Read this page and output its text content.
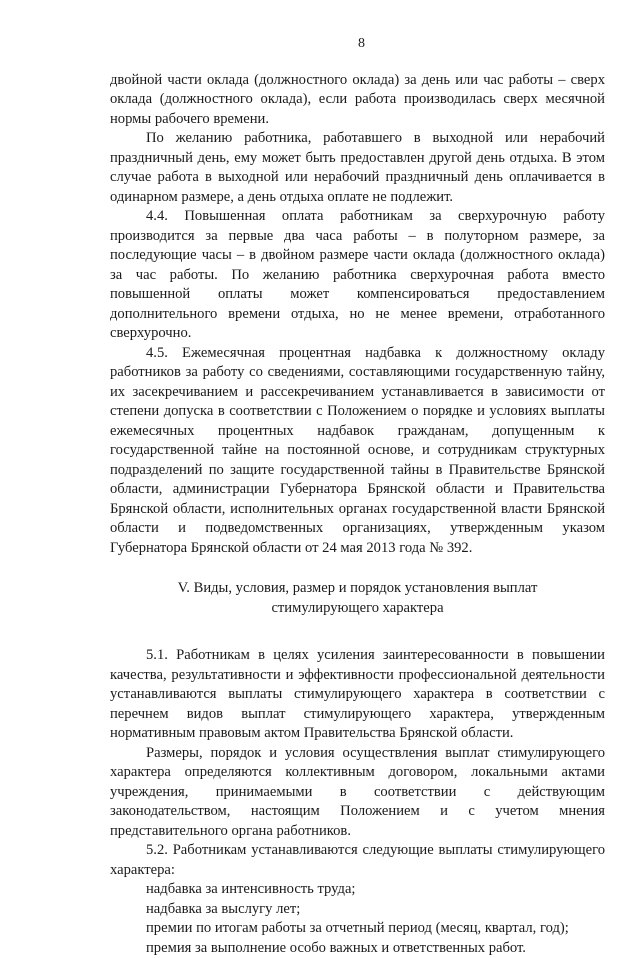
8

двойной части оклада (должностного оклада) за день или час работы – сверх оклада (должностного оклада), если работа производилась сверх месячной нормы рабочего времени.

По желанию работника, работавшего в выходной или нерабочий праздничный день, ему может быть предоставлен другой день отдыха. В этом случае работа в выходной или нерабочий праздничный день оплачивается в одинарном размере, а день отдыха оплате не подлежит.

4.4. Повышенная оплата работникам за сверхурочную работу производится за первые два часа работы – в полуторном размере, за последующие часы – в двойном размере части оклада (должностного оклада) за час работы. По желанию работника сверхурочная работа вместо повышенной оплаты может компенсироваться предоставлением дополнительного времени отдыха, но не менее времени, отработанного сверхурочно.

4.5. Ежемесячная процентная надбавка к должностному окладу работников за работу со сведениями, составляющими государственную тайну, их засекречиванием и рассекречиванием устанавливается в зависимости от степени допуска в соответствии с Положением о порядке и условиях выплаты ежемесячных процентных надбавок гражданам, допущенным к государственной тайне на постоянной основе, и сотрудникам структурных подразделений по защите государственной тайны в Правительстве Брянской области, администрации Губернатора Брянской области и Правительства Брянской области, исполнительных органах государственной власти Брянской области и подведомственных организациях, утвержденным указом Губернатора Брянской области от 24 мая 2013 года № 392.

V. Виды, условия, размер и порядок установления выплат
стимулирующего характера

5.1. Работникам в целях усиления заинтересованности в повышении качества, результативности и эффективности профессиональной деятельности устанавливаются выплаты стимулирующего характера в соответствии с перечнем видов выплат стимулирующего характера, утвержденным нормативным правовым актом Правительства Брянской области.

Размеры, порядок и условия осуществления выплат стимулирующего характера определяются коллективным договором, локальными актами учреждения, принимаемыми в соответствии с действующим законодательством, настоящим Положением и с учетом мнения представительного органа работников.

5.2. Работникам устанавливаются следующие выплаты стимулирующего характера:

надбавка за интенсивность труда;
надбавка за выслугу лет;
премии по итогам работы за отчетный период (месяц, квартал, год);
премия за выполнение особо важных и ответственных работ.
